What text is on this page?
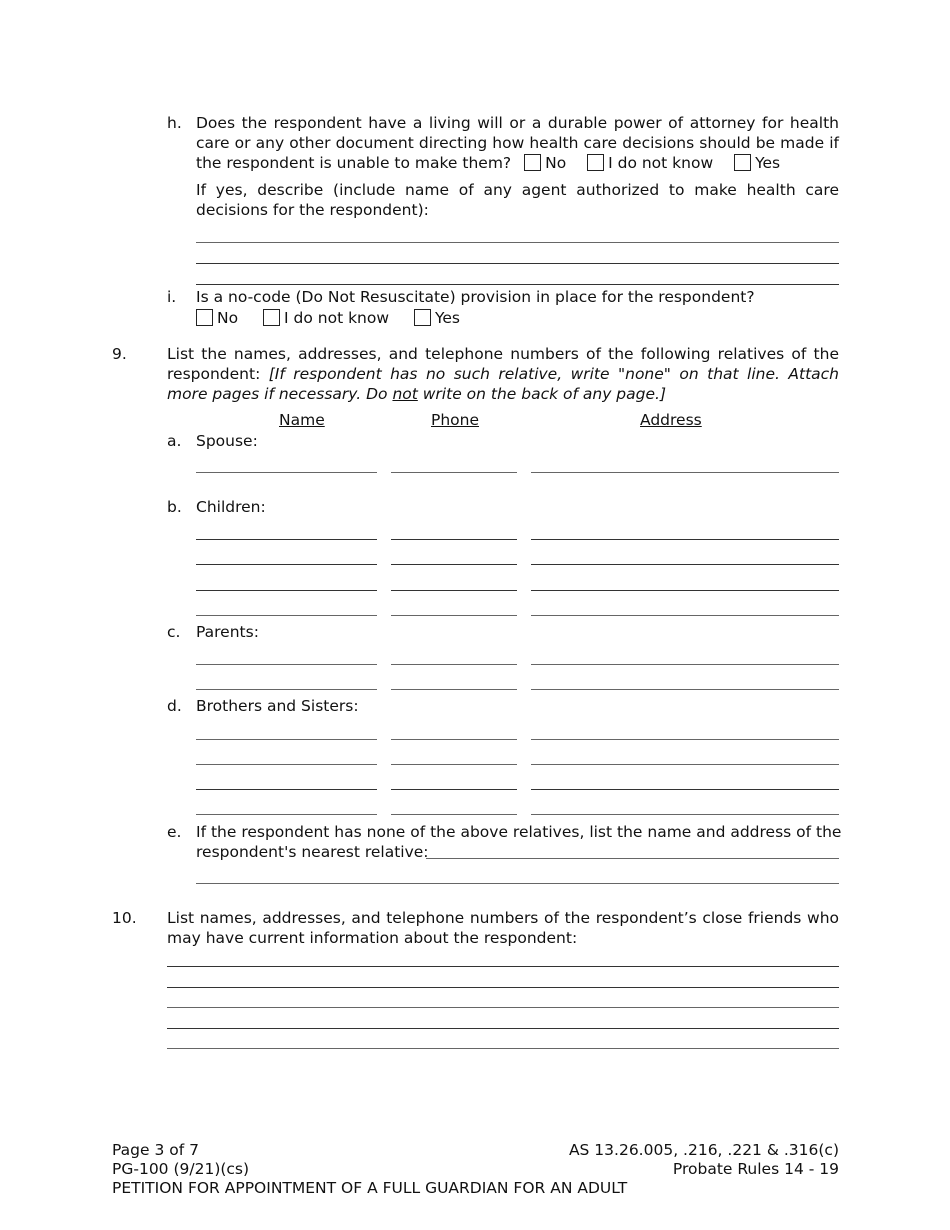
h. Does the respondent have a living will or a durable power of attorney for health care or any other document directing how health care decisions should be made if the respondent is unable to make them? No	I do not know	Yes
If yes, describe (include name of any agent authorized to make health care decisions for the respondent):
i. Is a no-code (Do Not Resuscitate) provision in place for the respondent?
No	I do not know	Yes
9.	List the names, addresses, and telephone numbers of the following relatives of the respondent: [If respondent has no such relative, write "none" on that line. Attach more pages if necessary. Do not write on the back of any page.]
Name	Phone	Address
a. Spouse:
b. Children:
c. Parents:
d. Brothers and Sisters:
e. If the respondent has none of the above relatives, list the name and address of the
respondent's nearest relative:
10. List names, addresses, and telephone numbers of the respondent’s close friends who may have current information about the respondent:
Page 3 of 7
PG-100 (9/21)(cs)
PETITION FOR APPOINTMENT OF A FULL GUARDIAN FOR AN ADULT
AS 13.26.005, .216, .221 & .316(c)
Probate Rules 14 - 19
